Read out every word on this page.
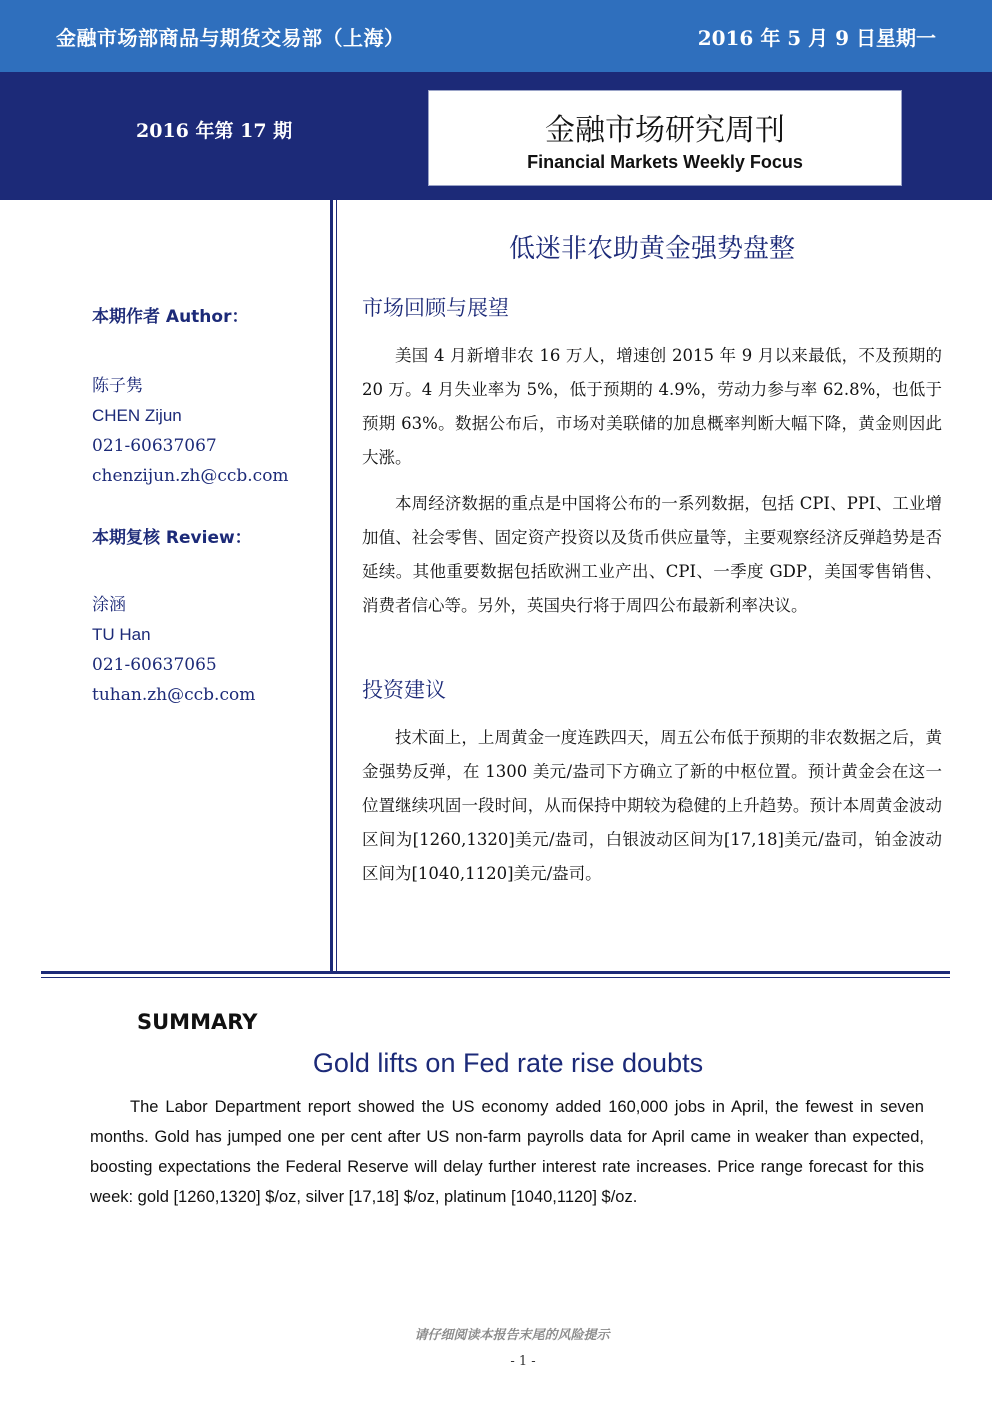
金融市场部商品与期货交易部（上海）	2016 年 5 月 9 日星期一
2016 年第 17 期	金融市场研究周刊
Financial Markets Weekly Focus
本期作者 Author：
陈子隽
CHEN Zijun
021-60637067
chenzijun.zh@ccb.com
本期复核 Review：
涂涵
TU Han
021-60637065
tuhan.zh@ccb.com
低迷非农助黄金强势盘整
市场回顾与展望
美国 4 月新增非农 16 万人，增速创 2015 年 9 月以来最低，不及预期的 20 万。4 月失业率为 5%，低于预期的 4.9%，劳动力参与率 62.8%，也低于预期 63%。数据公布后，市场对美联储的加息概率判断大幅下降，黄金则因此大涨。
本周经济数据的重点是中国将公布的一系列数据，包括 CPI、PPI、工业增加值、社会零售、固定资产投资以及货币供应量等，主要观察经济反弹趋势是否延续。其他重要数据包括欧洲工业产出、CPI、一季度 GDP，美国零售销售、消费者信心等。另外，英国央行将于周四公布最新利率决议。
投资建议
技术面上，上周黄金一度连跌四天，周五公布低于预期的非农数据之后，黄金强势反弹，在 1300 美元/盎司下方确立了新的中枢位置。预计黄金会在这一位置继续巩固一段时间，从而保持中期较为稳健的上升趋势。预计本周黄金波动区间为[1260,1320]美元/盎司，白银波动区间为[17,18]美元/盎司，铂金波动区间为[1040,1120]美元/盎司。
SUMMARY
Gold lifts on Fed rate rise doubts
The Labor Department report showed the US economy added 160,000 jobs in April, the fewest in seven months. Gold has jumped one per cent after US non-farm payrolls data for April came in weaker than expected, boosting expectations the Federal Reserve will delay further interest rate increases. Price range forecast for this week: gold [1260,1320] $/oz, silver [17,18] $/oz, platinum [1040,1120] $/oz.
请仔细阅读本报告末尾的风险提示
- 1 -
